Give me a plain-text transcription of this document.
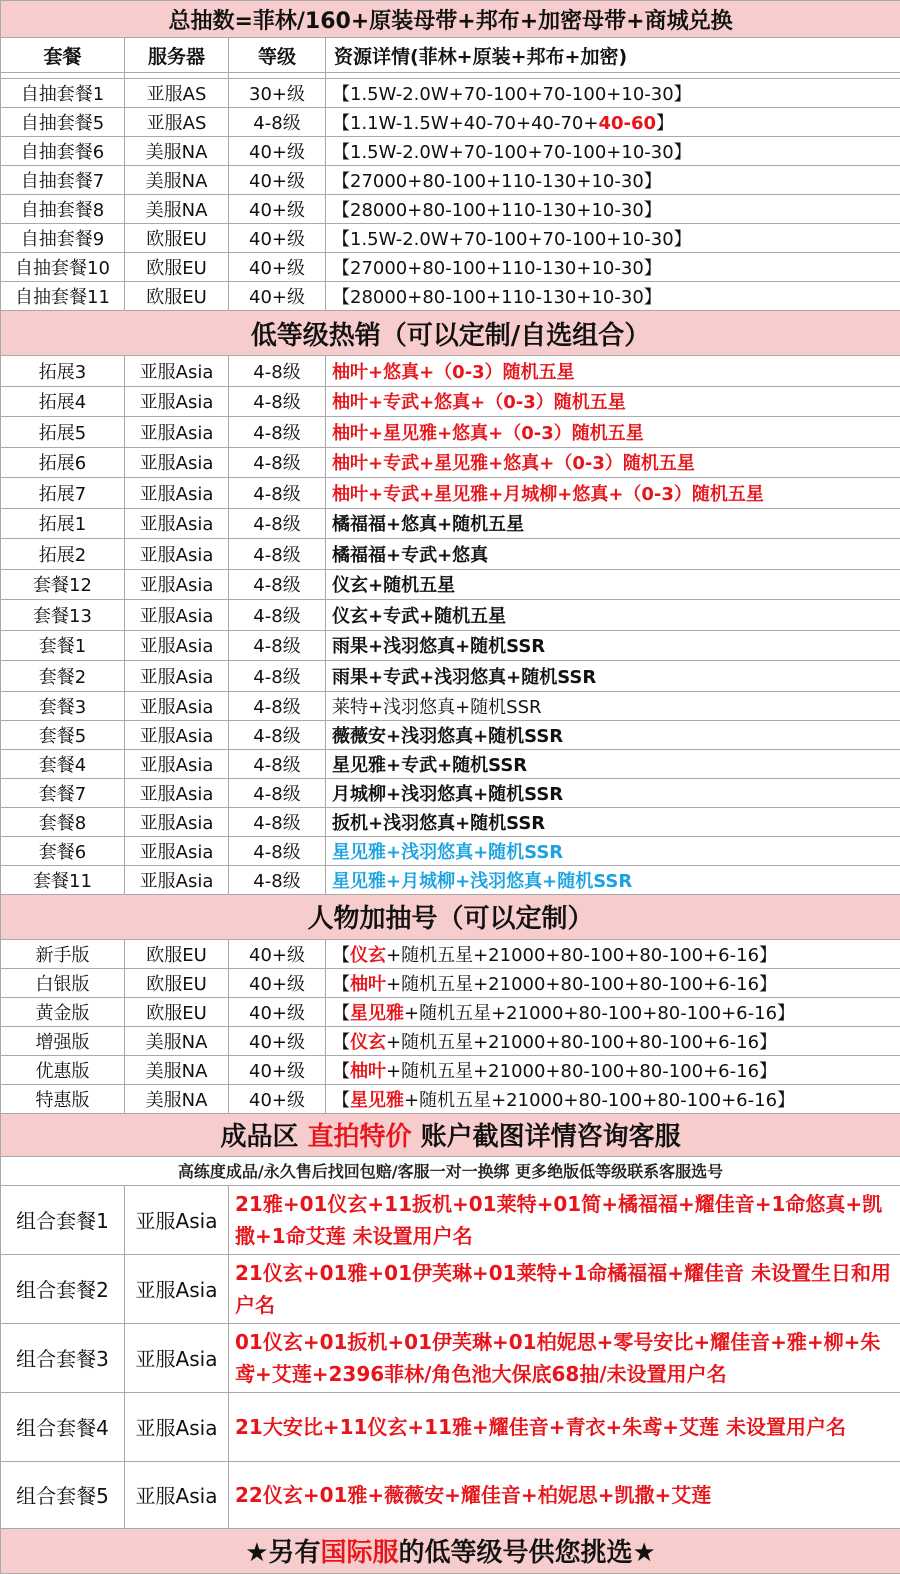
总抽数=菲林/160+原装母带+邦布+加密母带+商城兑换			
套餐	服务器	等级	资源详情(菲林+原装+邦布+加密)

自抽套餐1	亚服AS	30+级	【1.5W-2.0W+70-100+70-100+10-30】
自抽套餐5	亚服AS	4-8级	【1.1W-1.5W+40-70+40-70+40-60】
自抽套餐6	美服NA	40+级	【1.5W-2.0W+70-100+70-100+10-30】
自抽套餐7	美服NA	40+级	【27000+80-100+110-130+10-30】
自抽套餐8	美服NA	40+级	【28000+80-100+110-130+10-30】
自抽套餐9	欧服EU	40+级	【1.5W-2.0W+70-100+70-100+10-30】
自抽套餐10	欧服EU	40+级	【27000+80-100+110-130+10-30】
自抽套餐11	欧服EU	40+级	【28000+80-100+110-130+10-30】
低等级热销（可以定制/自选组合）			
拓展3	亚服Asia	4-8级	柚叶+悠真+（0-3）随机五星
拓展4	亚服Asia	4-8级	柚叶+专武+悠真+（0-3）随机五星
拓展5	亚服Asia	4-8级	柚叶+星见雅+悠真+（0-3）随机五星
拓展6	亚服Asia	4-8级	柚叶+专武+星见雅+悠真+（0-3）随机五星
拓展7	亚服Asia	4-8级	柚叶+专武+星见雅+月城柳+悠真+（0-3）随机五星
拓展1	亚服Asia	4-8级	橘福福+悠真+随机五星
拓展2	亚服Asia	4-8级	橘福福+专武+悠真
套餐12	亚服Asia	4-8级	仪玄+随机五星
套餐13	亚服Asia	4-8级	仪玄+专武+随机五星
套餐1	亚服Asia	4-8级	雨果+浅羽悠真+随机SSR
套餐2	亚服Asia	4-8级	雨果+专武+浅羽悠真+随机SSR
套餐3	亚服Asia	4-8级	莱特+浅羽悠真+随机SSR
套餐5	亚服Asia	4-8级	薇薇安+浅羽悠真+随机SSR
套餐4	亚服Asia	4-8级	星见雅+专武+随机SSR
套餐7	亚服Asia	4-8级	月城柳+浅羽悠真+随机SSR
套餐8	亚服Asia	4-8级	扳机+浅羽悠真+随机SSR
套餐6	亚服Asia	4-8级	星见雅+浅羽悠真+随机SSR
套餐11	亚服Asia	4-8级	星见雅+月城柳+浅羽悠真+随机SSR
人物加抽号（可以定制）			
新手版	欧服EU	40+级	【仪玄+随机五星+21000+80-100+80-100+6-16】
白银版	欧服EU	40+级	【柚叶+随机五星+21000+80-100+80-100+6-16】
黄金版	欧服EU	40+级	【星见雅+随机五星+21000+80-100+80-100+6-16】
增强版	美服NA	40+级	【仪玄+随机五星+21000+80-100+80-100+6-16】
优惠版	美服NA	40+级	【柚叶+随机五星+21000+80-100+80-100+6-16】
特惠版	美服NA	40+级	【星见雅+随机五星+21000+80-100+80-100+6-16】
成品区 直拍特价 账户截图详情咨询客服			
高练度成品/永久售后找回包赔/客服一对一换绑 更多绝版低等级联系客服选号			
组合套餐1	亚服Asia	21雅+01仪玄+11扳机+01莱特+01简+橘福福+耀佳音+1命悠真+凯撒+1命艾莲 未设置用户名	
组合套餐2	亚服Asia	21仪玄+01雅+01伊芙琳+01莱特+1命橘福福+耀佳音 未设置生日和用户名	
组合套餐3	亚服Asia	01仪玄+01扳机+01伊芙琳+01柏妮思+零号安比+耀佳音+雅+柳+朱鸢+艾莲+2396菲林/角色池大保底68抽/未设置用户名	
组合套餐4	亚服Asia	21大安比+11仪玄+11雅+耀佳音+青衣+朱鸢+艾莲 未设置用户名	
组合套餐5	亚服Asia	22仪玄+01雅+薇薇安+耀佳音+柏妮思+凯撒+艾莲	
★另有国际服的低等级号供您挑选★			
